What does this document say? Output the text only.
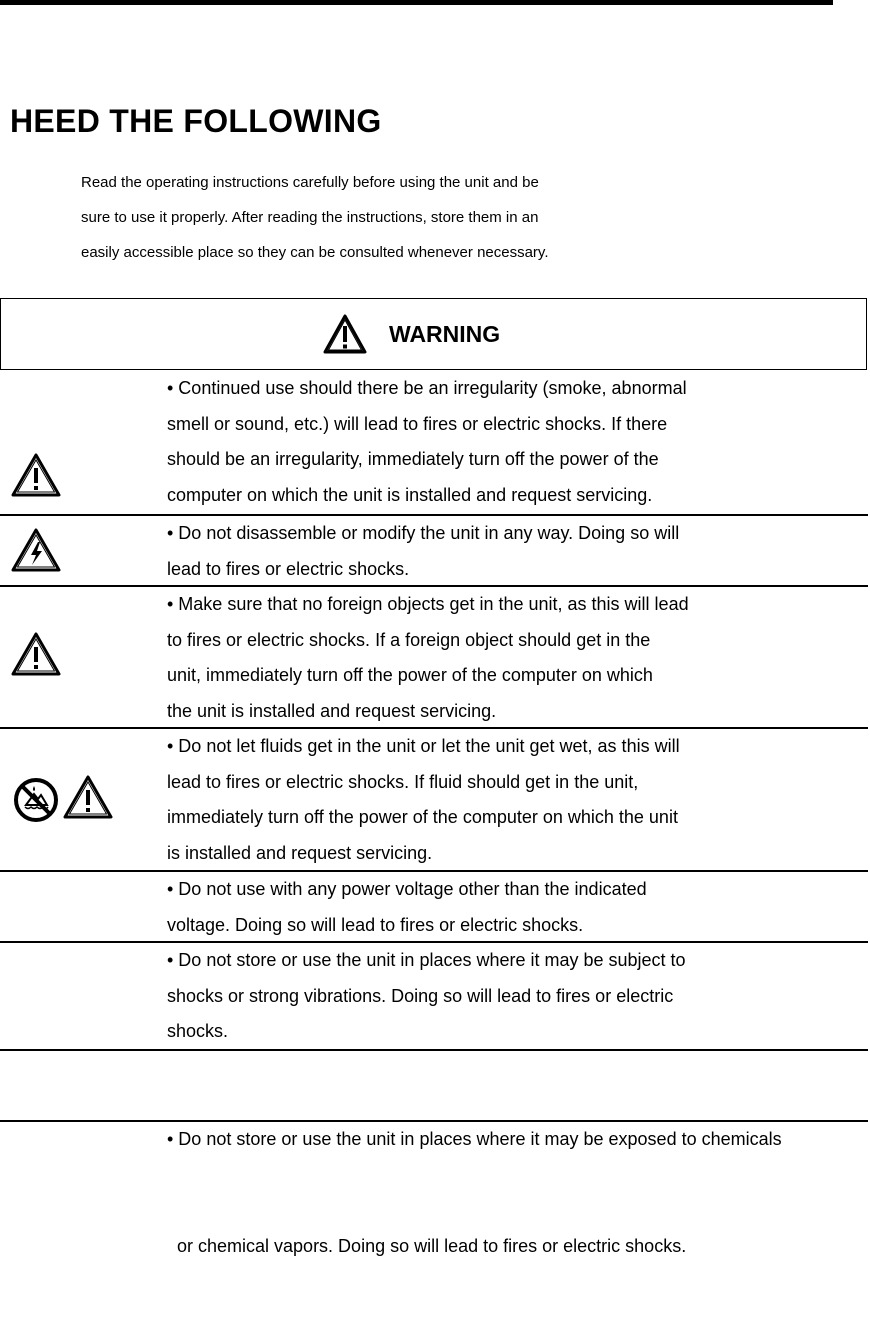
HEED THE FOLLOWING
Read the operating instructions carefully before using the unit and be
sure to use it properly. After reading the instructions, store them in an
easily accessible place so they can be consulted whenever necessary.
WARNING
• Continued use should there be an irregularity (smoke, abnormal
smell or sound, etc.) will lead to fires or electric shocks. If there
should be an irregularity, immediately turn off the power of the
computer on which the unit is installed and request servicing.
• Do not disassemble or modify the unit in any way. Doing so will
lead to fires or electric shocks.
• Make sure that no foreign objects get in the unit, as this will lead
to fires or electric shocks. If a foreign object should get in the
unit, immediately turn off the power of the computer on which
the unit is installed and request servicing.
• Do not let fluids get in the unit or let the unit get wet, as this will
lead to fires or electric shocks. If fluid should get in the unit,
immediately turn off the power of the computer on which the unit
is installed and request servicing.
• Do not use with any power voltage other than the indicated
voltage. Doing so will lead to fires or electric shocks.
• Do not store or use the unit in places where it may be subject to
shocks or strong vibrations. Doing so will lead to fires or electric
shocks.

• Do not store or use the unit in places where it may be exposed to chemicals

or chemical vapors. Doing so will lead to fires or electric shocks.
